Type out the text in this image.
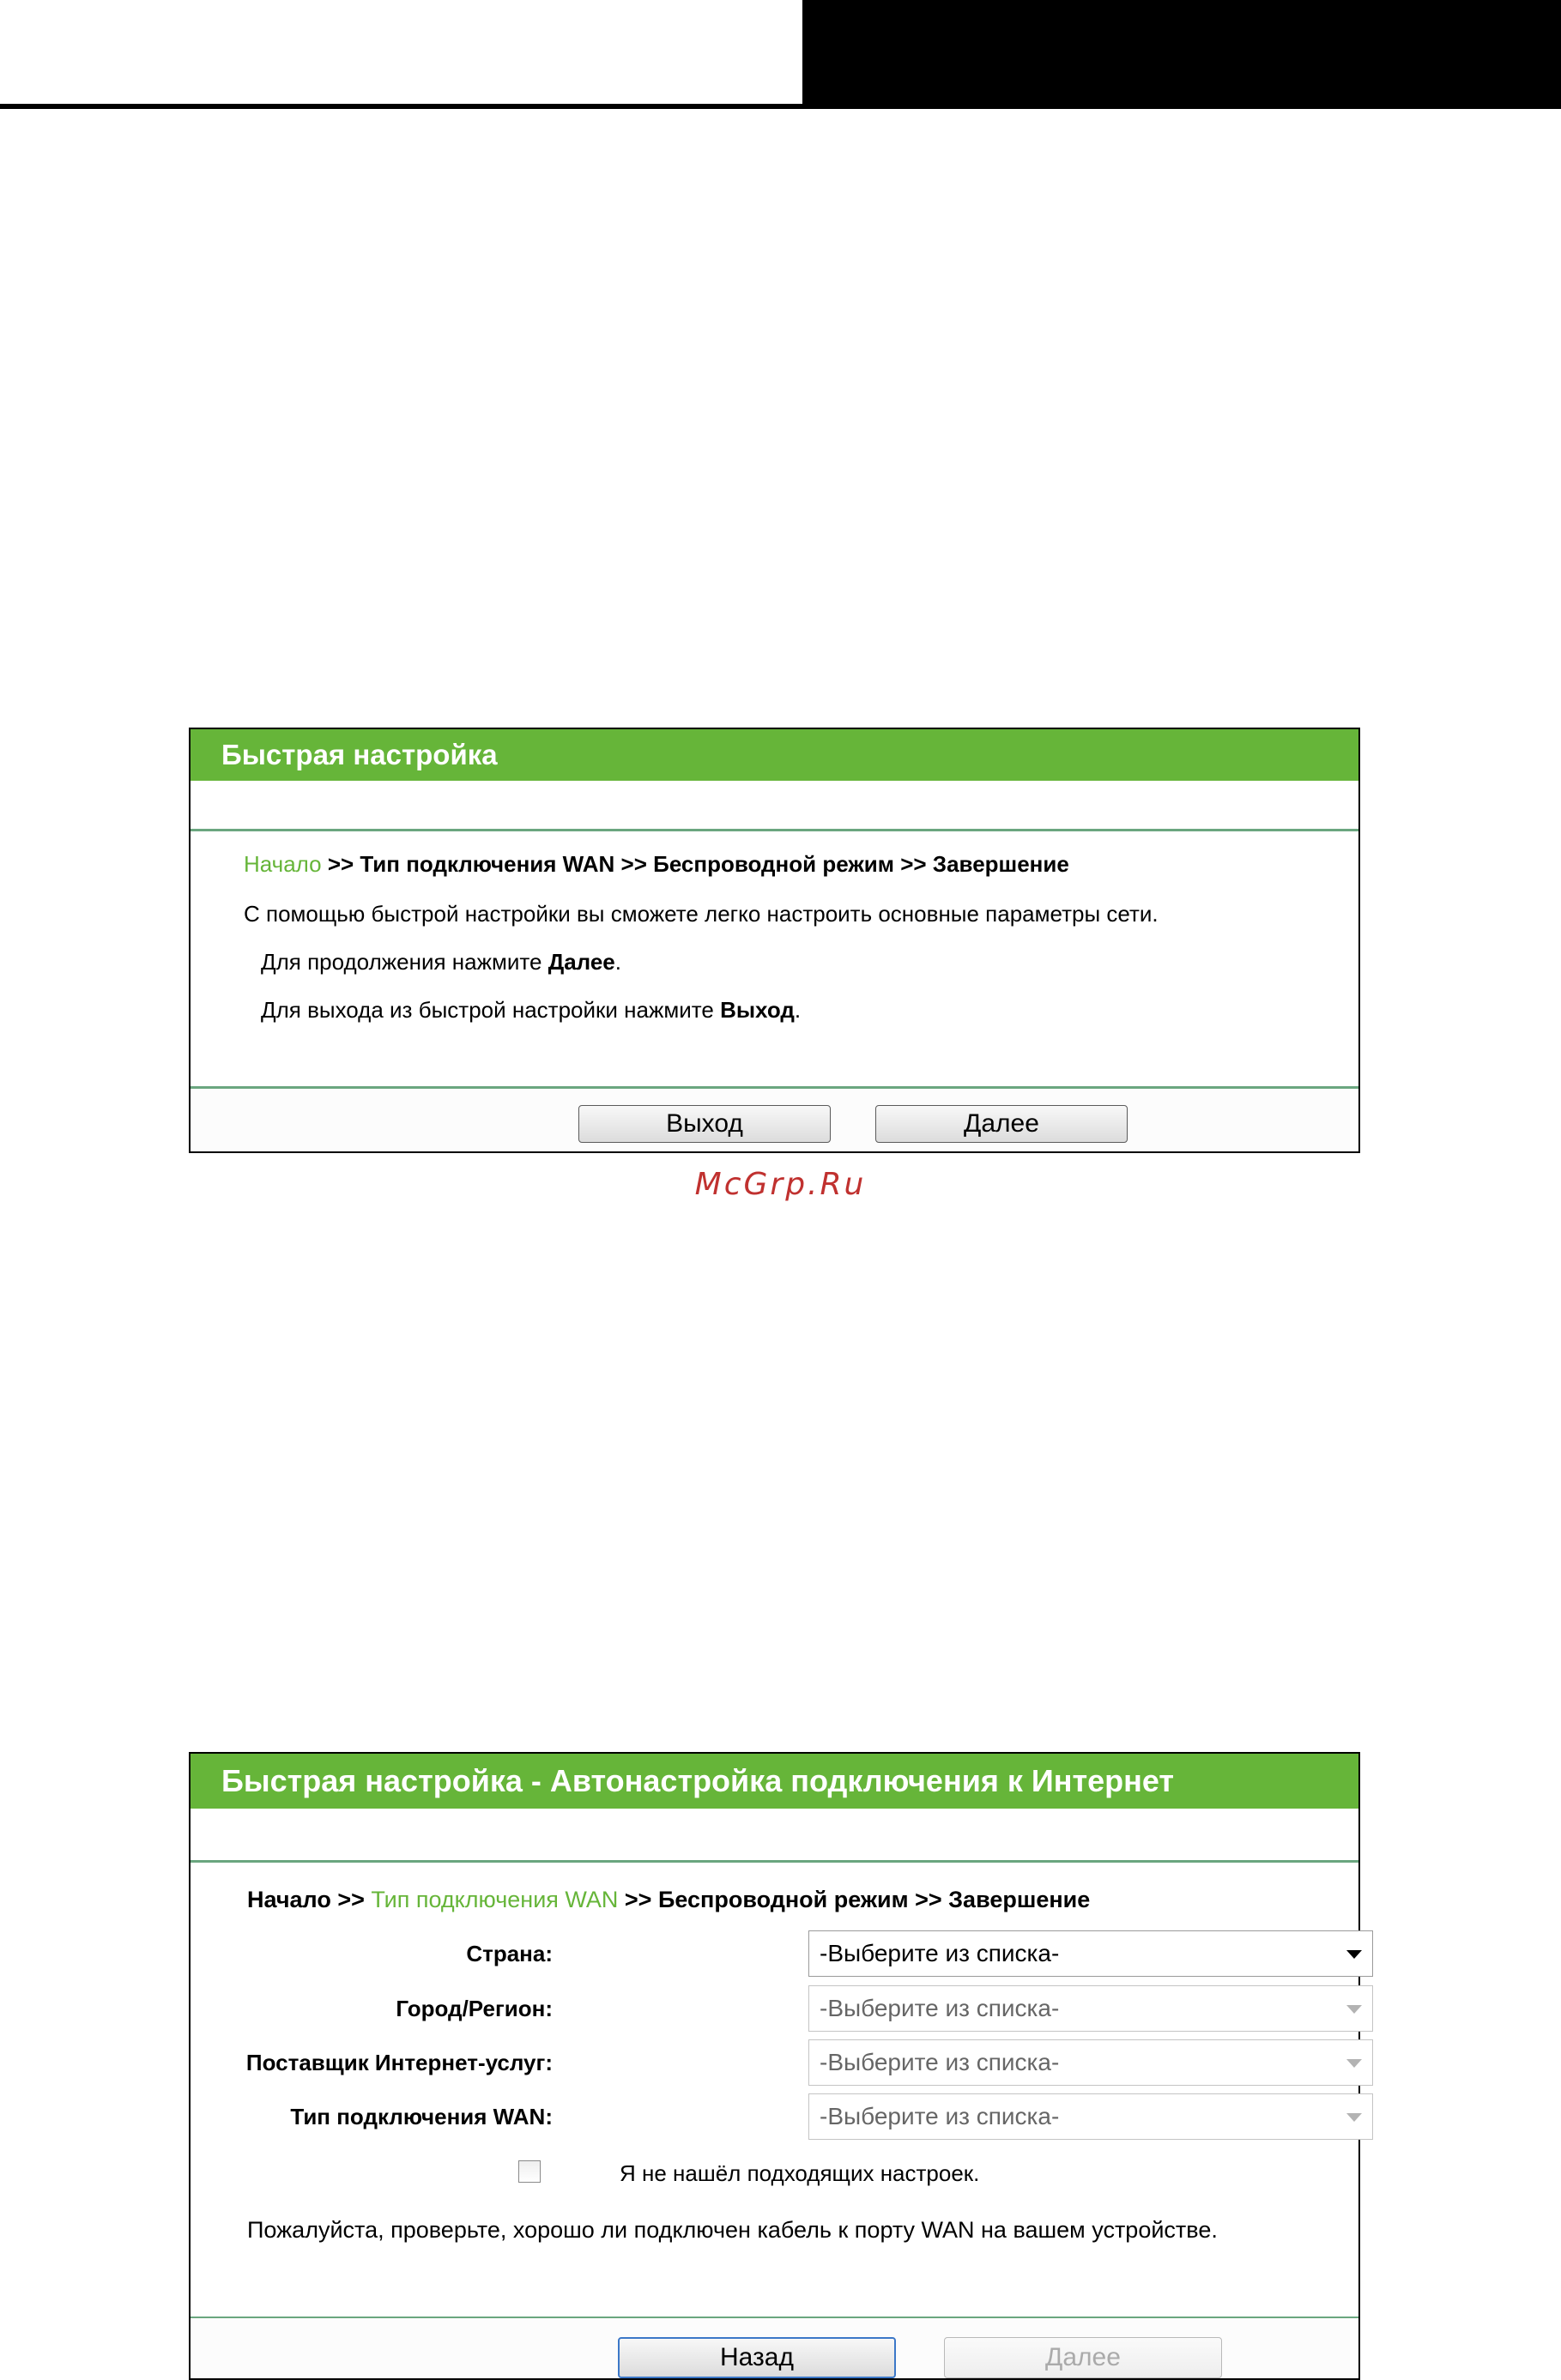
Быстрая настройка
Начало >> Тип подключения WAN >> Беспроводной режим >> Завершение
С помощью быстрой настройки вы сможете легко настроить основные параметры сети.
Для продолжения нажмите Далее.
Для выхода из быстрой настройки нажмите Выход.
Выход	Далее
McGrp.Ru
Быстрая настройка - Автонастройка подключения к Интернет
Начало >> Тип подключения WAN >> Беспроводной режим >> Завершение
Страна:	-Выберите из списка-
Город/Регион:	-Выберите из списка-
Поставщик Интернет-услуг:	-Выберите из списка-
Тип подключения WAN:	-Выберите из списка-
Я не нашёл подходящих настроек.
Пожалуйста, проверьте, хорошо ли подключен кабель к порту WAN на вашем устройстве.
Назад	Далее
